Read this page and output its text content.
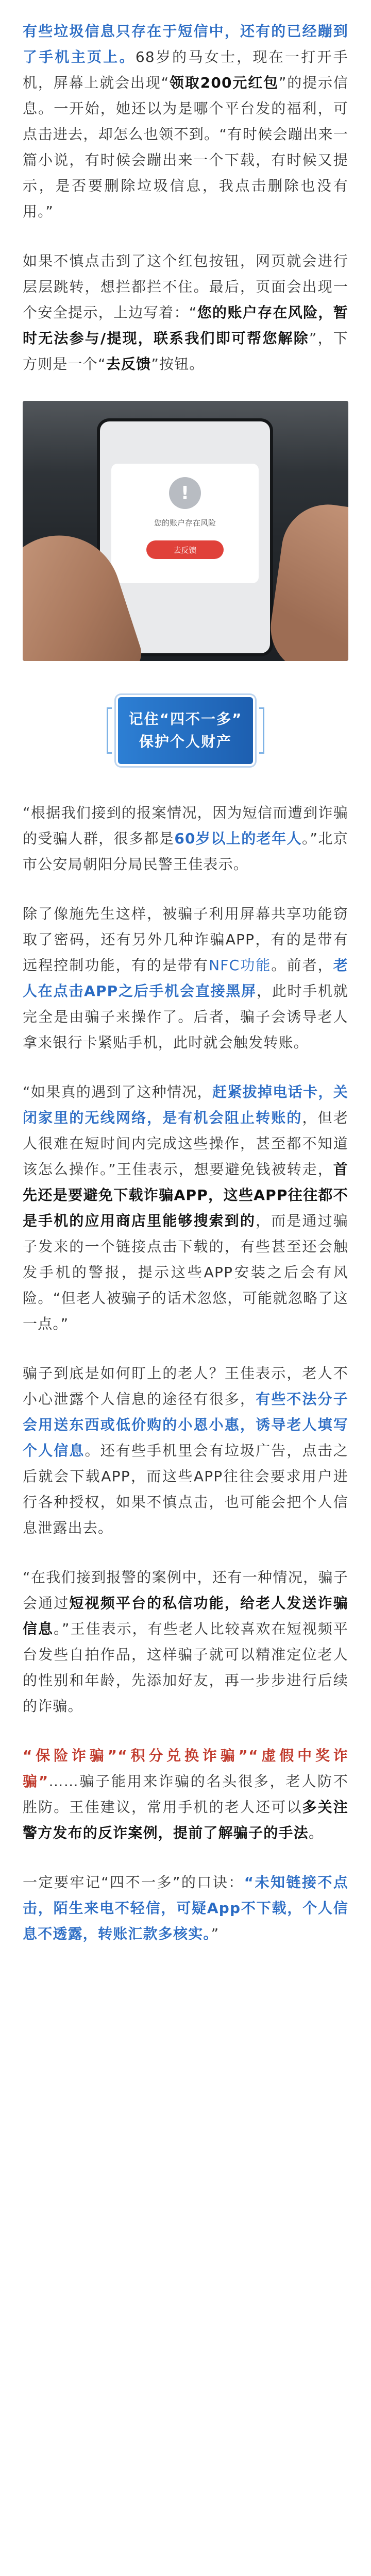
有些垃圾信息只存在于短信中，还有的已经蹦到了手机主页上。68岁的马女士，现在一打开手机，屏幕上就会出现“领取200元红包”的提示信息。一开始，她还以为是哪个平台发的福利，可点击进去，却怎么也领不到。“有时候会蹦出来一篇小说，有时候会蹦出来一个下载，有时候又提示，是否要删除垃圾信息，我点击删除也没有用。”

如果不慎点击到了这个红包按钮，网页就会进行层层跳转，想拦都拦不住。最后，页面会出现一个安全提示，上边写着：“您的账户存在风险，暂时无法参与/提现，联系我们即可帮您解除”，下方则是一个“去反馈”按钮。

!
您的账户存在风险
去反馈
记住“四不一多”
保护个人财产

“根据我们接到的报案情况，因为短信而遭到诈骗的受骗人群，很多都是60岁以上的老年人。”北京市公安局朝阳分局民警王佳表示。

除了像施先生这样，被骗子利用屏幕共享功能窃取了密码，还有另外几种诈骗APP，有的是带有远程控制功能，有的是带有NFC功能。前者，老人在点击APP之后手机会直接黑屏，此时手机就完全是由骗子来操作了。后者，骗子会诱导老人拿来银行卡紧贴手机，此时就会触发转账。

“如果真的遇到了这种情况，赶紧拔掉电话卡，关闭家里的无线网络，是有机会阻止转账的，但老人很难在短时间内完成这些操作，甚至都不知道该怎么操作。”王佳表示，想要避免钱被转走，首先还是要避免下载诈骗APP，这些APP往往都不是手机的应用商店里能够搜索到的，而是通过骗子发来的一个链接点击下载的，有些甚至还会触发手机的警报，提示这些APP安装之后会有风险。“但老人被骗子的话术忽悠，可能就忽略了这一点。”

骗子到底是如何盯上的老人？王佳表示，老人不小心泄露个人信息的途径有很多，有些不法分子会用送东西或低价购的小恩小惠，诱导老人填写个人信息。还有些手机里会有垃圾广告，点击之后就会下载APP，而这些APP往往会要求用户进行各种授权，如果不慎点击，也可能会把个人信息泄露出去。

“在我们接到报警的案例中，还有一种情况，骗子会通过短视频平台的私信功能，给老人发送诈骗信息。”王佳表示，有些老人比较喜欢在短视频平台发些自拍作品，这样骗子就可以精准定位老人的性别和年龄，先添加好友，再一步步进行后续的诈骗。

“保险诈骗”“积分兑换诈骗”“虚假中奖诈骗”……骗子能用来诈骗的名头很多，老人防不胜防。王佳建议，常用手机的老人还可以多关注警方发布的反诈案例，提前了解骗子的手法。

一定要牢记“四不一多”的口诀：“未知链接不点击，陌生来电不轻信，可疑App不下载，个人信息不透露，转账汇款多核实。”
